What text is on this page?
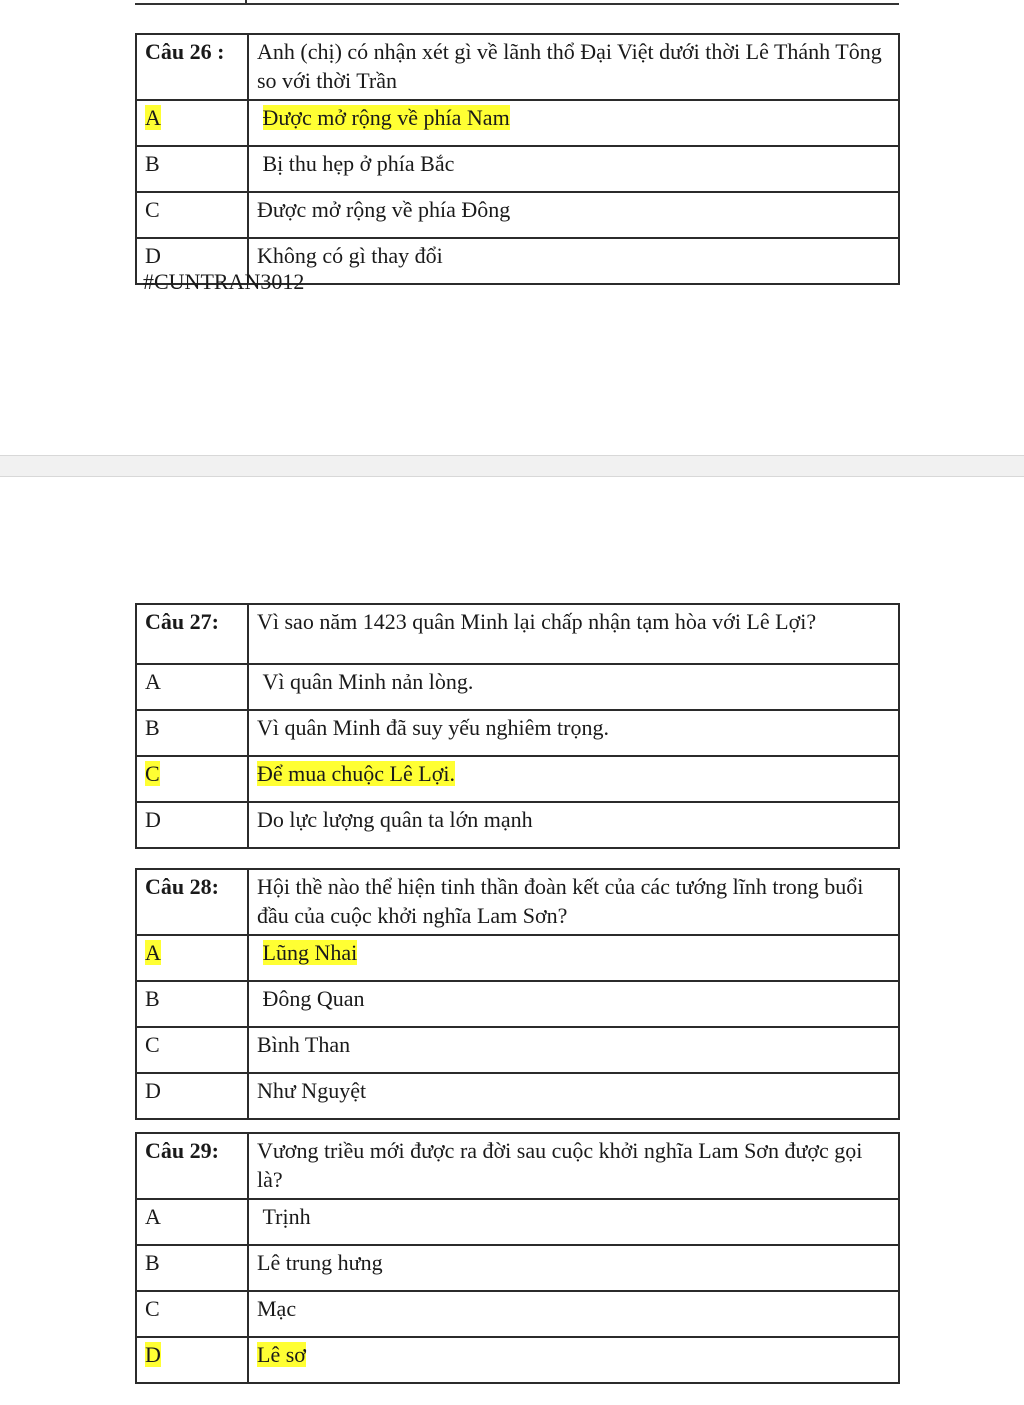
Câu 26 :	Anh (chị) có nhận xét gì về lãnh thổ Đại Việt dưới thời Lê Thánh Tông so với thời Trần
A	Được mở rộng về phía Nam
B	Bị thu hẹp ở phía Bắc
C	Được mở rộng về phía Đông
D	Không có gì thay đổi
#CUNTRAN3012
Câu 27:	Vì sao năm 1423 quân Minh lại chấp nhận tạm hòa với Lê Lợi?
A	Vì quân Minh nản lòng.
B	Vì quân Minh đã suy yếu nghiêm trọng.
C	Để mua chuộc Lê Lợi.
D	Do lực lượng quân ta lớn mạnh
Câu 28:	Hội thề nào thể hiện tinh thần đoàn kết của các tướng lĩnh trong buổi đầu của cuộc khởi nghĩa Lam Sơn?
A	Lũng Nhai
B	Đông Quan
C	Bình Than
D	Như Nguyệt
Câu 29:	Vương triều mới được ra đời sau cuộc khởi nghĩa Lam Sơn được gọi là?
A	Trịnh
B	Lê trung hưng
C	Mạc
D	Lê sơ
